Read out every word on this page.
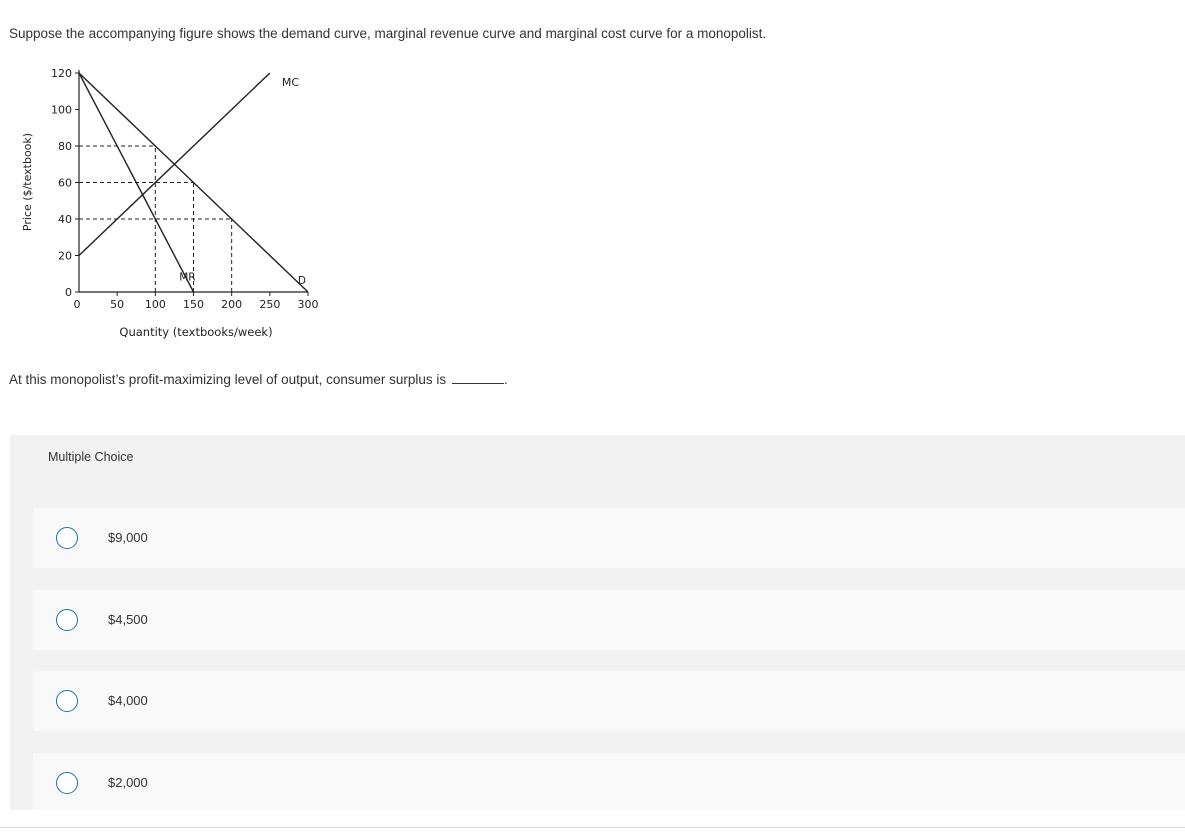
Suppose the accompanying figure shows the demand curve, marginal revenue curve and marginal cost curve for a monopolist.
0
20
40
60
80
100
120
0	50 100 150 200 250 300
MR	D
MC
Quantity (textbooks/week)
Price ($/textbook)
At this monopolist’s profit-maximizing level of output, consumer surplus is	.
Multiple Choice
$9,000
$4,500
$4,000
$2,000
